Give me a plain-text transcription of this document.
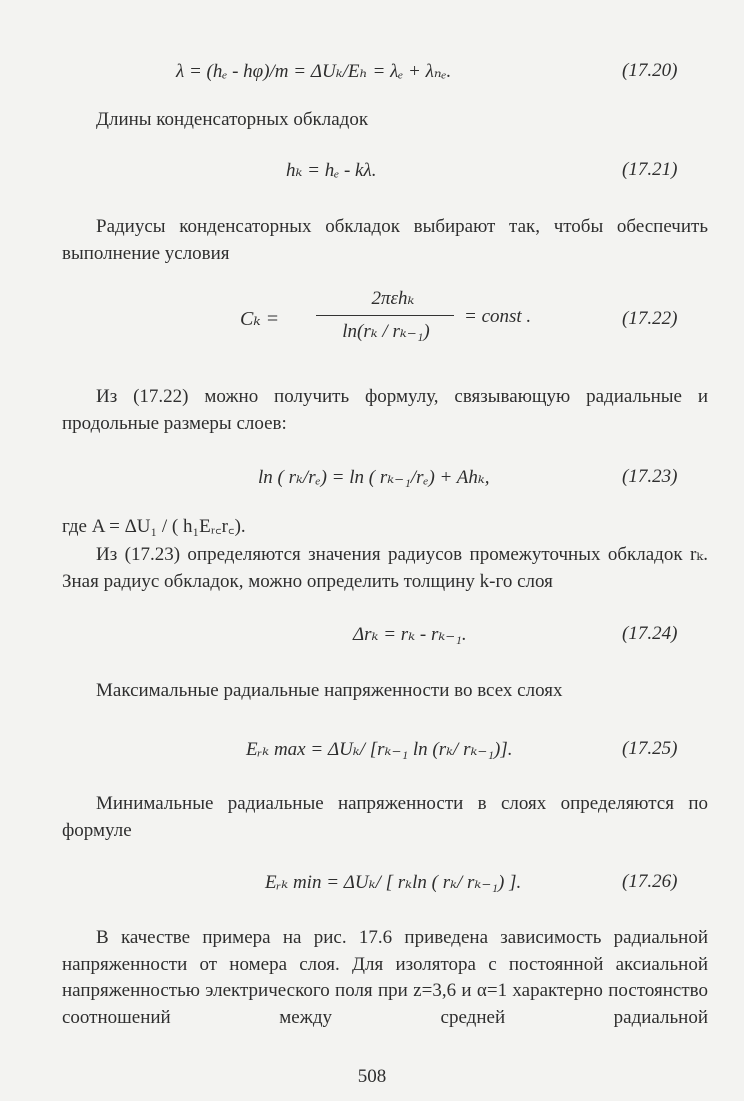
λ = (hₑ - hφ)/m = ΔUₖ/Eₕ = λₑ + λₙₑ.	(17.20)

Длины конденсаторных обкладок

hₖ = hₑ - kλ.	(17.21)

Радиусы конденсаторных обкладок выбирают так, чтобы обеспечить выполнение условия

Cₖ =
2πεhₖ
ln(rₖ / rₖ₋₁)
= const .	(17.22)

Из (17.22) можно получить формулу, связывающую радиальные и продольные размеры слоев:

ln ( rₖ/rₑ) = ln ( rₖ₋₁/rₑ) + Ahₖ,	(17.23)

где A = ΔU₁ / ( h₁Eᵣ꜀r꜀).

Из (17.23) определяются значения радиусов промежуточных обкладок rₖ. Зная радиус обкладок, можно определить толщину k-го слоя

Δrₖ = rₖ - rₖ₋₁.	(17.24)

Максимальные радиальные напряженности во всех слоях

Eᵣₖ max = ΔUₖ/ [rₖ₋₁ ln (rₖ/ rₖ₋₁)].	(17.25)

Минимальные радиальные напряженности в слоях определяются по формуле

Eᵣₖ min = ΔUₖ/ [ rₖln ( rₖ/ rₖ₋₁) ].	(17.26)

В качестве примера на рис. 17.6 приведена зависимость радиальной напряженности от номера слоя. Для изолятора с постоянной аксиальной напряженностью электрического поля при z=3,6 и α=1 характерно постоянство соотношений между средней радиальной

508
